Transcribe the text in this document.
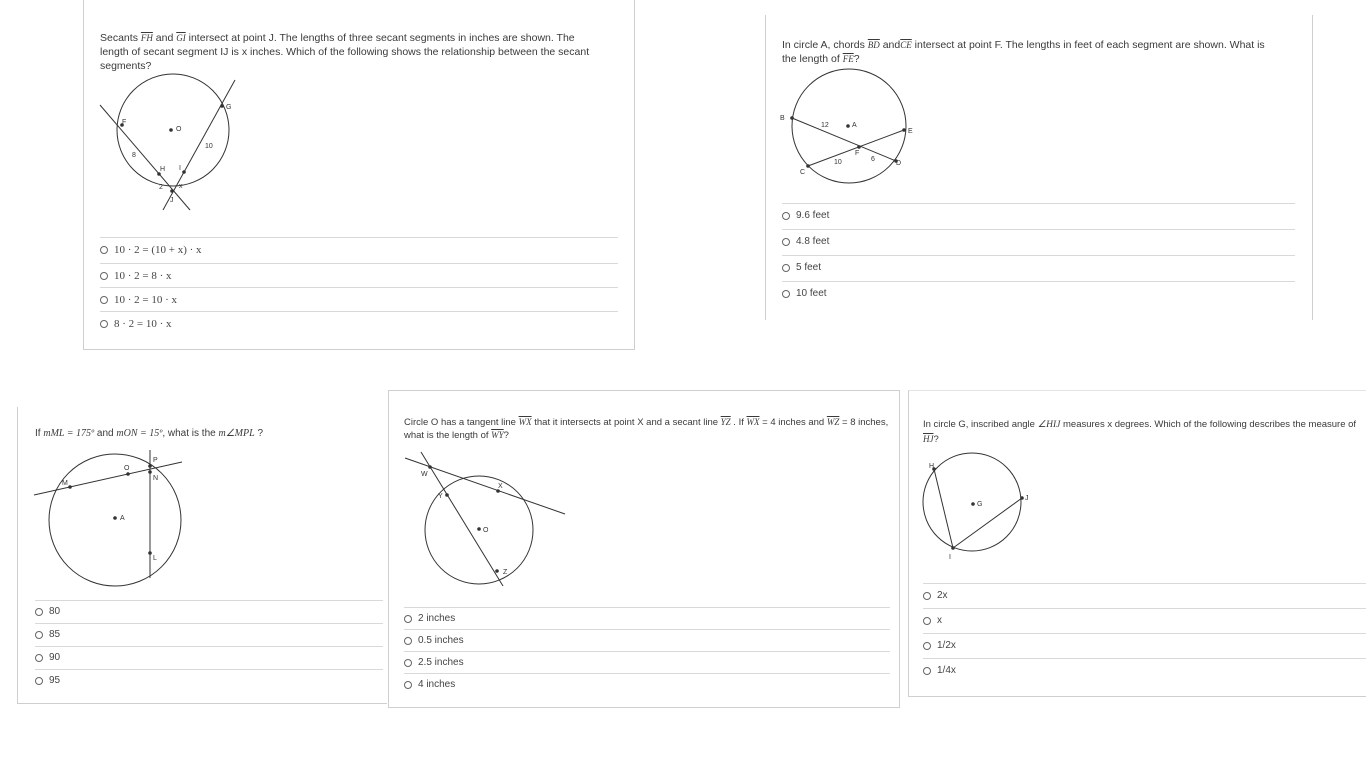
Secants $\overline{FH}$ and $\overline{GI}$ intersect at point J. The lengths of three secant segments in inches are shown. The length of secant segment IJ is x inches. Which of the following shows the relationship between the secant segments?
F
G
O
H I
J
8
10
2 x
10 · 2 = (10 + x) · x
10 · 2 = 8 · x
10 · 2 = 10 · x
8 · 2 = 10 · x
In circle A, chords $\overline{BD}$ $and\overline{CE}$ intersect at point F. The lengths in feet of each segment are shown. What is the length of $\overline{FE}$?
B
A
E
F
C
D
12
10	6
9.6 feet
4.8 feet
5 feet
10 feet
If mML = 175º and mON = 15º, what is the m∠MPL ?
P
O
N
M
A
L
80
85
90
95
Circle O has a tangent line $\overline{WX}$ that it intersects at point X and a secant line $\overline{YZ}$ . If $\overline{WX} = 4$ inches and $\overline{WZ} = 8$ inches, what is the length of $\overline{WY}$?
W
X
Y
O
Z
2 inches
0.5 inches
2.5 inches
4 inches
In circle G, inscribed angle ∠HIJ measures x degrees. Which of the following describes the measure of $\overline{HJ}$?
H
G
J
I
2x
x
1/2x
1/4x
